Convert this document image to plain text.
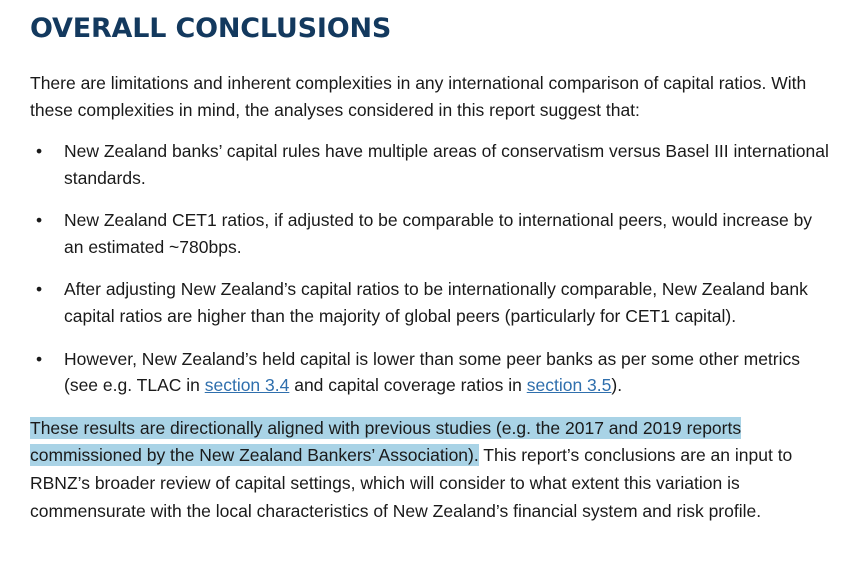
OVERALL CONCLUSIONS

There are limitations and inherent complexities in any international comparison of capital ratios. With these complexities in mind, the analyses considered in this report suggest that:

• New Zealand banks’ capital rules have multiple areas of conservatism versus Basel III international standards.
• New Zealand CET1 ratios, if adjusted to be comparable to international peers, would increase by an estimated ~780bps.
• After adjusting New Zealand’s capital ratios to be internationally comparable, New Zealand bank capital ratios are higher than the majority of global peers (particularly for CET1 capital).
• However, New Zealand’s held capital is lower than some peer banks as per some other metrics (see e.g. TLAC in section 3.4 and capital coverage ratios in section 3.5).

These results are directionally aligned with previous studies (e.g. the 2017 and 2019 reports commissioned by the New Zealand Bankers’ Association). This report’s conclusions are an input to RBNZ’s broader review of capital settings, which will consider to what extent this variation is commensurate with the local characteristics of New Zealand’s financial system and risk profile.
